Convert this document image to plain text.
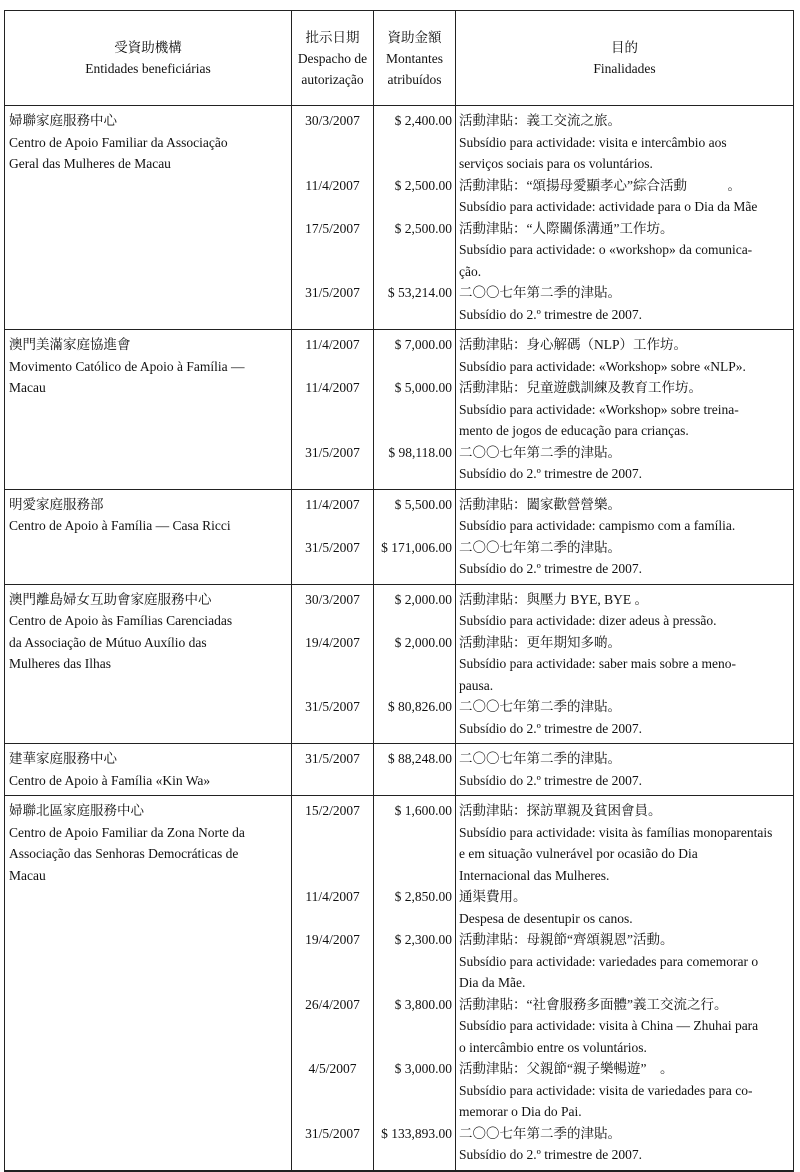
受資助機構
Entidades beneficiárias
批示日期
Despacho de
autorização
資助金額
Montantes
atribuídos
目的
Finalidades
婦聯家庭服務中心
Centro de Apoio Familiar da Associação
Geral das Mulheres de Macau
30/3/2007
11/4/2007
17/5/2007
31/5/2007
$ 2,400.00
$ 2,500.00
$ 2,500.00
$ 53,214.00
活動津貼：義工交流之旅。
Subsídio para actividade: visita e intercâmbio aos
serviços sociais para os voluntários.
活動津貼：“頌揚母愛顯孝心”綜合活動　　　。
Subsídio para actividade: actividade para o Dia da Mãe
活動津貼：“人際關係溝通”工作坊。
Subsídio para actividade: o «workshop» da comunica-
ção.
二〇〇七年第二季的津貼。
Subsídio do 2.º trimestre de 2007.
澳門美滿家庭協進會
Movimento Católico de Apoio à Família —
Macau
11/4/2007
11/4/2007
31/5/2007
$ 7,000.00
$ 5,000.00
$ 98,118.00
活動津貼：身心解碼（NLP）工作坊。
Subsídio para actividade: «Workshop» sobre «NLP».
活動津貼：兒童遊戲訓練及教育工作坊。
Subsídio para actividade: «Workshop» sobre treina-
mento de jogos de educação para crianças.
二〇〇七年第二季的津貼。
Subsídio do 2.º trimestre de 2007.
明愛家庭服務部
Centro de Apoio à Família — Casa Ricci
11/4/2007
31/5/2007
$ 5,500.00
$ 171,006.00
活動津貼：闔家歡營營樂。
Subsídio para actividade: campismo com a família.
二〇〇七年第二季的津貼。
Subsídio do 2.º trimestre de 2007.
澳門離島婦女互助會家庭服務中心
Centro de Apoio às Famílias Carenciadas
da Associação de Mútuo Auxílio das
Mulheres das Ilhas
30/3/2007
19/4/2007
31/5/2007
$ 2,000.00
$ 2,000.00
$ 80,826.00
活動津貼：與壓力 BYE, BYE 。
Subsídio para actividade: dizer adeus à pressão.
活動津貼：更年期知多啲。
Subsídio para actividade: saber mais sobre a meno-
pausa.
二〇〇七年第二季的津貼。
Subsídio do 2.º trimestre de 2007.
建華家庭服務中心
Centro de Apoio à Família «Kin Wa»
31/5/2007	$ 88,248.00 二〇〇七年第二季的津貼。
Subsídio do 2.º trimestre de 2007.
婦聯北區家庭服務中心
Centro de Apoio Familiar da Zona Norte da
Associação das Senhoras Democráticas de
Macau
15/2/2007
11/4/2007
19/4/2007
26/4/2007
4/5/2007
31/5/2007
$ 1,600.00
$ 2,850.00
$ 2,300.00
$ 3,800.00
$ 3,000.00
$ 133,893.00
活動津貼：探訪單親及貧困會員。
Subsídio para actividade: visita às famílias monoparentais
e em situação vulnerável por ocasião do Dia
Internacional das Mulheres.
通渠費用。
Despesa de desentupir os canos.
活動津貼：母親節“齊頌親恩”活動。
Subsídio para actividade: variedades para comemorar o
Dia da Mãe.
活動津貼：“社會服務多面體”義工交流之行。
Subsídio para actividade: visita à China — Zhuhai para
o intercâmbio entre os voluntários.
活動津貼：父親節“親子樂暢遊”　。
Subsídio para actividade: visita de variedades para co-
memorar o Dia do Pai.
二〇〇七年第二季的津貼。
Subsídio do 2.º trimestre de 2007.
